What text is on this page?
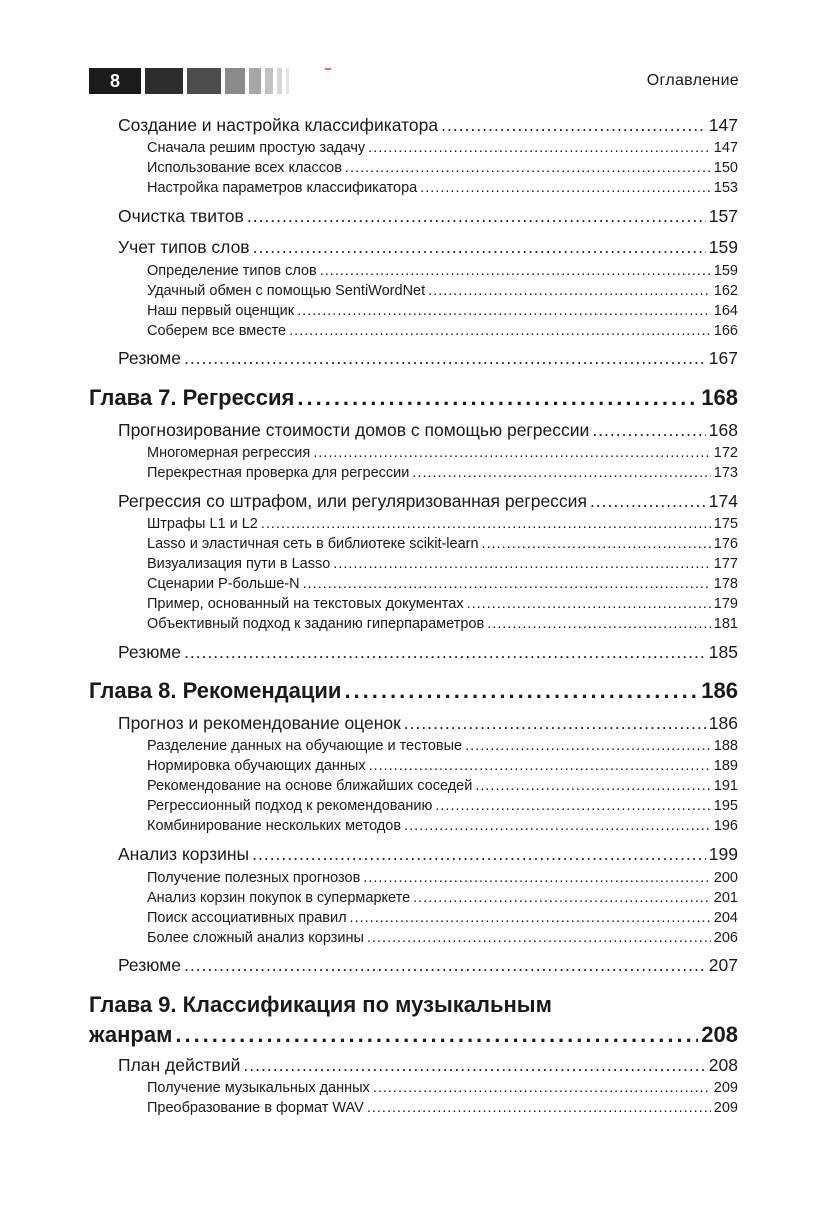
8	Оглавление
Создание и настройка классификатора .....	147
Сначала решим простую задачу .....	147
Использование всех классов .....	150
Настройка параметров классификатора .....	153
Очистка твитов .....	157
Учет типов слов .....	159
Определение типов слов .....	159
Удачный обмен с помощью SentiWordNet .....	162
Наш первый оценщик .....	164
Соберем все вместе .....	166
Резюме .....	167
Глава 7. Регрессия .....	168
Прогнозирование стоимости домов с помощью регрессии .....	168
Многомерная регрессия .....	172
Перекрестная проверка для регрессии .....	173
Регрессия со штрафом, или регуляризованная регрессия .....	174
Штрафы L1 и L2 .....	175
Lasso и эластичная сеть в библиотеке scikit-learn .....	176
Визуализация пути в Lasso .....	177
Сценарии P-больше-N .....	178
Пример, основанный на текстовых документах .....	179
Объективный подход к заданию гиперпараметров .....	181
Резюме .....	185
Глава 8. Рекомендации .....	186
Прогноз и рекомендование оценок .....	186
Разделение данных на обучающие и тестовые .....	188
Нормировка обучающих данных .....	189
Рекомендование на основе ближайших соседей .....	191
Регрессионный подход к рекомендованию .....	195
Комбинирование нескольких методов .....	196
Анализ корзины .....	199
Получение полезных прогнозов .....	200
Анализ корзин покупок в супермаркете .....	201
Поиск ассоциативных правил .....	204
Более сложный анализ корзины .....	206
Резюме .....	207
Глава 9. Классификация по музыкальным
жанрам .....	208
План действий .....	208
Получение музыкальных данных .....	209
Преобразование в формат WAV .....	209
